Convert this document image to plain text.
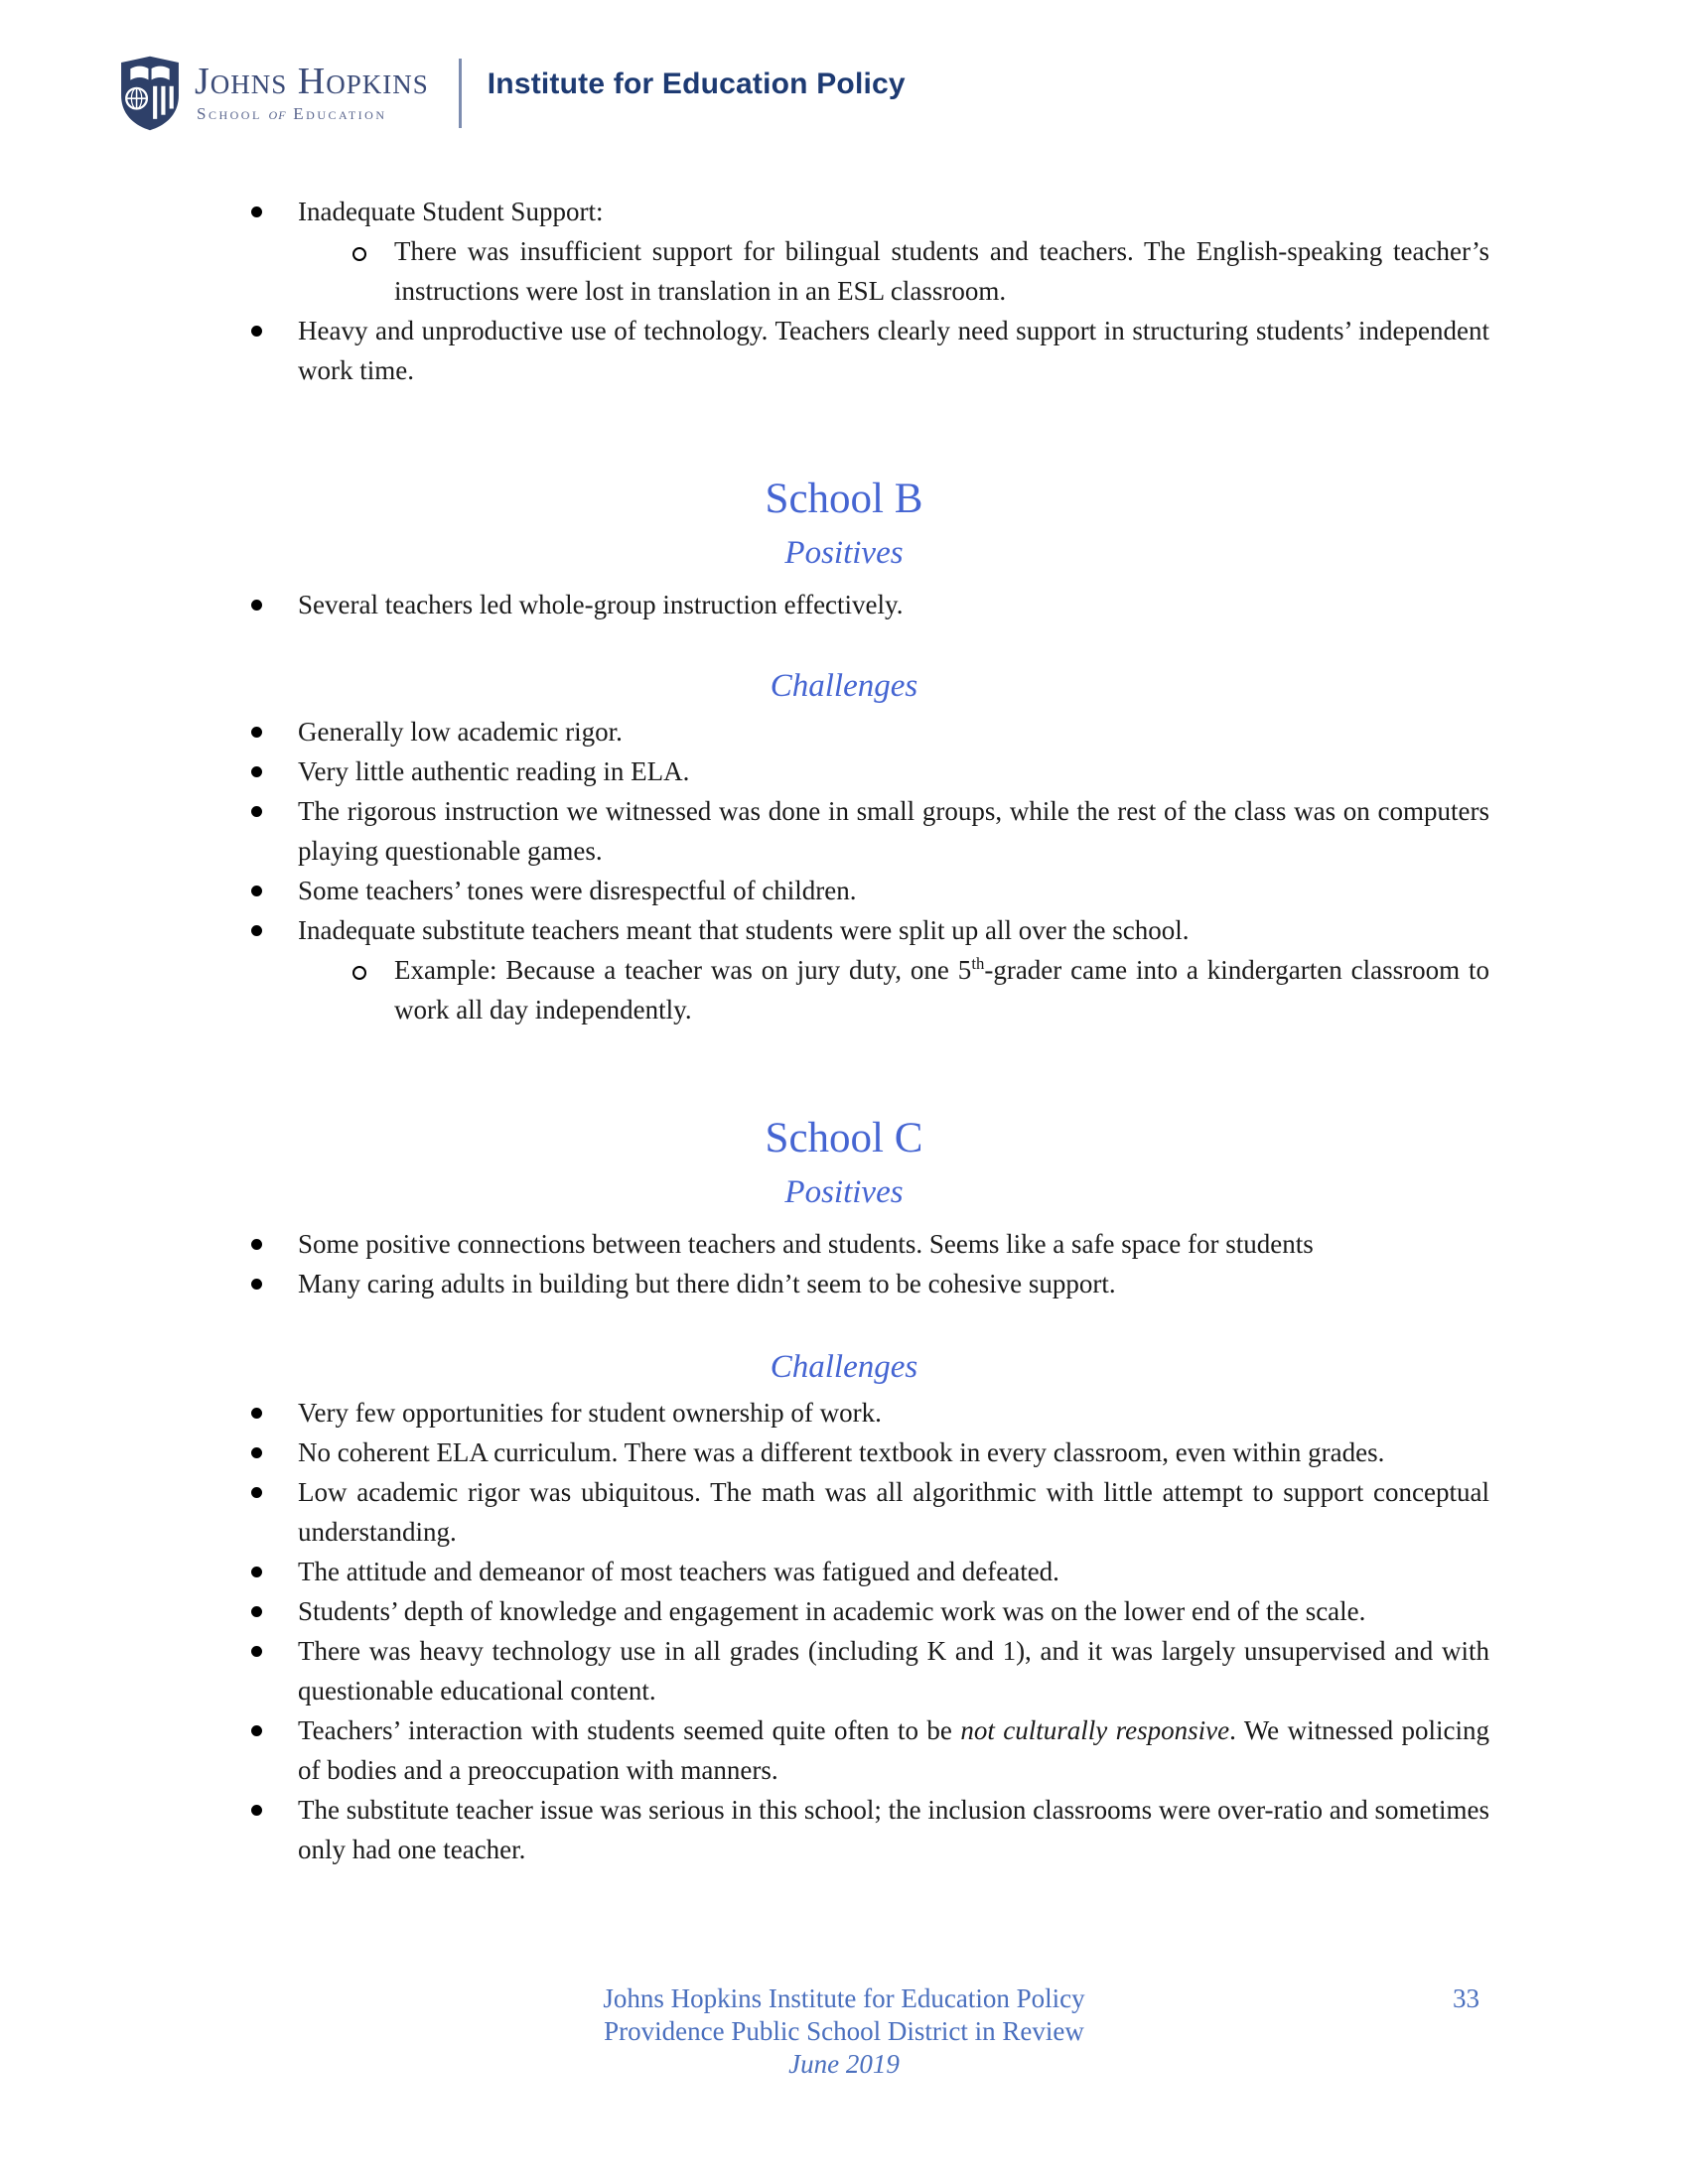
Johns Hopkins
School of Education
Institute for Education Policy
Inadequate Student Support:
There was insufficient support for bilingual students and teachers. The English-speaking teacher’s instructions were lost in translation in an ESL classroom.
Heavy and unproductive use of technology. Teachers clearly need support in structuring students’ independent work time.
School B
Positives
Several teachers led whole-group instruction effectively.
Challenges
Generally low academic rigor.
Very little authentic reading in ELA.
The rigorous instruction we witnessed was done in small groups, while the rest of the class was on computers playing questionable games.
Some teachers’ tones were disrespectful of children.
Inadequate substitute teachers meant that students were split up all over the school.
Example: Because a teacher was on jury duty, one 5th-grader came into a kindergarten classroom to work all day independently.
School C
Positives
Some positive connections between teachers and students. Seems like a safe space for students
Many caring adults in building but there didn’t seem to be cohesive support.
Challenges
Very few opportunities for student ownership of work.
No coherent ELA curriculum. There was a different textbook in every classroom, even within grades.
Low academic rigor was ubiquitous. The math was all algorithmic with little attempt to support conceptual understanding.
The attitude and demeanor of most teachers was fatigued and defeated.
Students’ depth of knowledge and engagement in academic work was on the lower end of the scale.
There was heavy technology use in all grades (including K and 1), and it was largely unsupervised and with questionable educational content.
Teachers’ interaction with students seemed quite often to be not culturally responsive. We witnessed policing of bodies and a preoccupation with manners.
The substitute teacher issue was serious in this school; the inclusion classrooms were over-ratio and sometimes only had one teacher.
Johns Hopkins Institute for Education Policy	33
Providence Public School District in Review
June 2019
